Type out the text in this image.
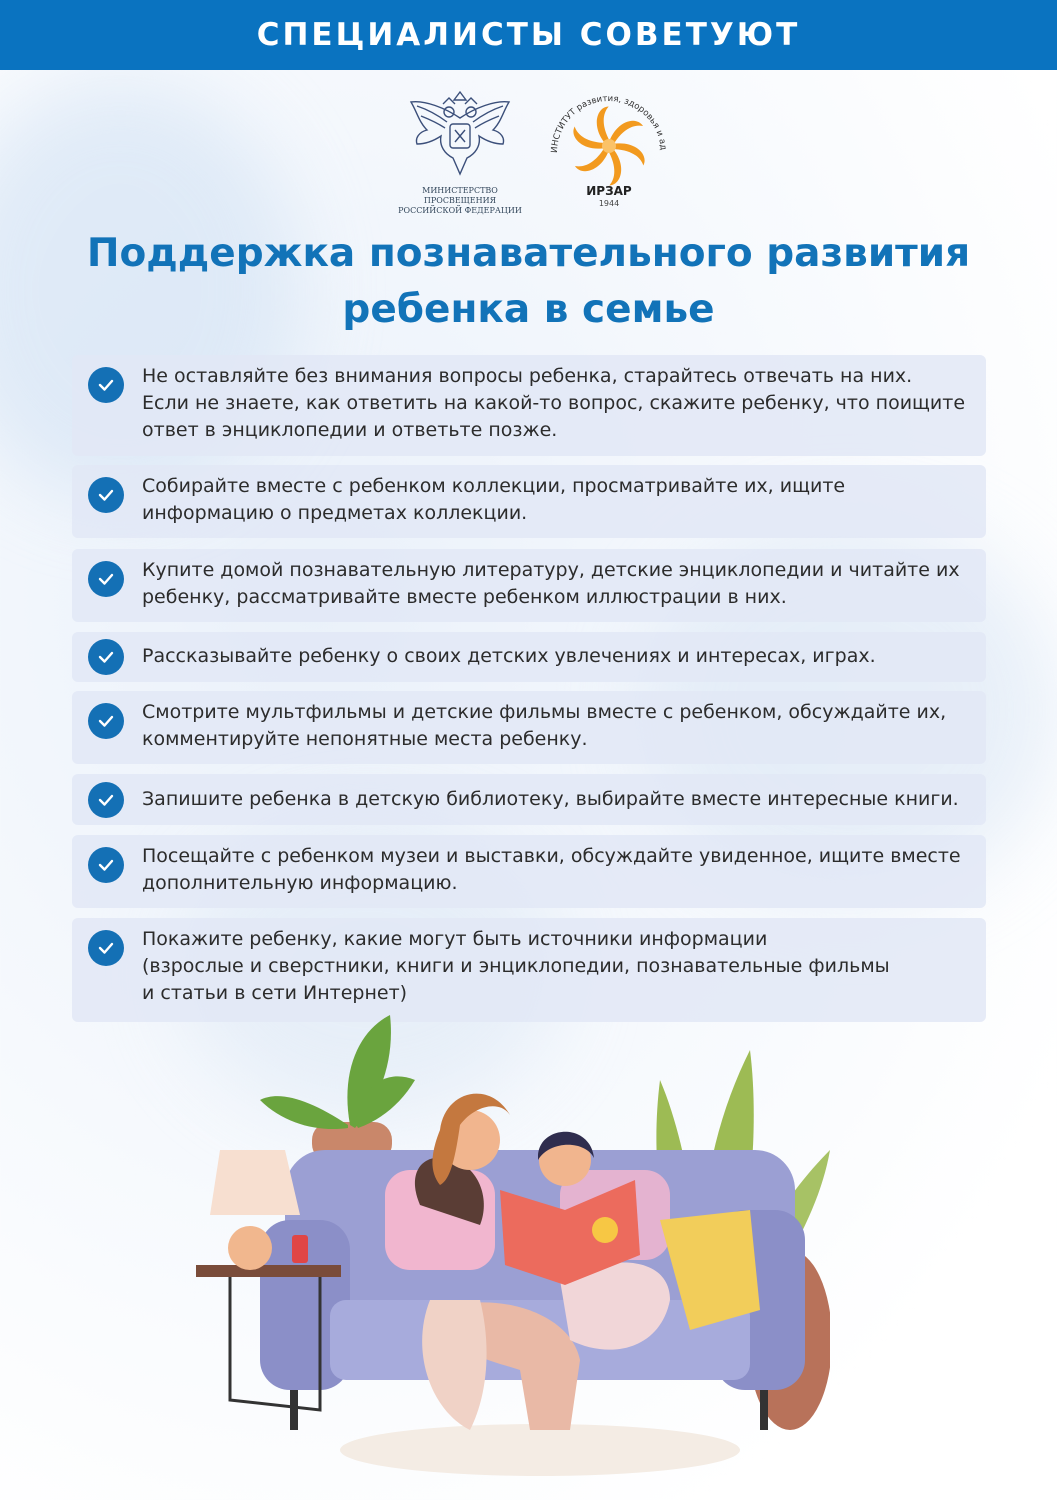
СПЕЦИАЛИСТЫ СОВЕТУЮТ
МИНИСТЕРСТВО ПРОСВЕЩЕНИЯ
РОССИЙСКОЙ ФЕДЕРАЦИИ
ИНСТИТУТ развития, здоровья и ад
ИРЗАР
1944
Поддержка познавательного развития
ребенка в семье
Не оставляйте без внимания вопросы ребенка, старайтесь отвечать на них.
Если не знаете, как ответить на какой-то вопрос, скажите ребенку, что поищите
ответ в энциклопедии и ответьте позже.
Собирайте вместе с ребенком коллекции, просматривайте их, ищите
информацию о предметах коллекции.
Купите домой познавательную литературу, детские энциклопедии и читайте их
ребенку, рассматривайте вместе ребенком иллюстрации в них.
Рассказывайте ребенку о своих детских увлечениях и интересах, играх.
Смотрите мультфильмы и детские фильмы вместе с ребенком, обсуждайте их,
комментируйте непонятные места ребенку.
Запишите ребенка в детскую библиотеку, выбирайте вместе интересные книги.
Посещайте с ребенком музеи и выставки, обсуждайте увиденное, ищите вместе
дополнительную информацию.
Покажите ребенку, какие могут быть источники информации
(взрослые и сверстники, книги и энциклопедии, познавательные фильмы
и статьи в сети Интернет)
